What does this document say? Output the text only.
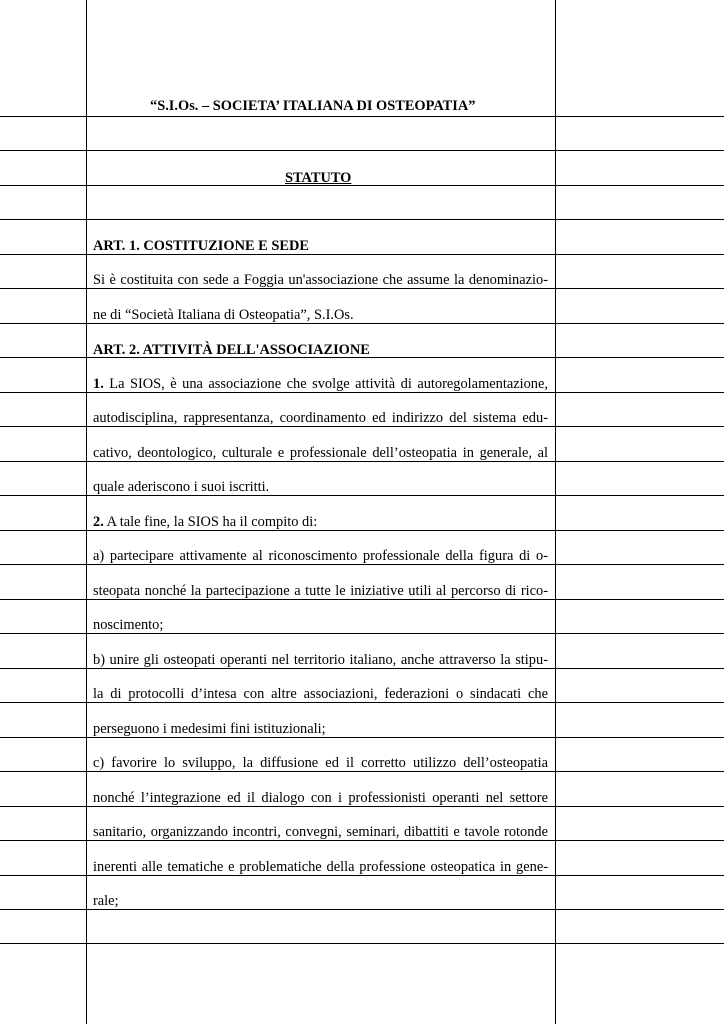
“S.I.Os. – SOCIETA’ ITALIANA DI OSTEOPATIA”
STATUTO
ART. 1. COSTITUZIONE E SEDE
Si è costituita con sede a Foggia un'associazione che assume la denominazio-
ne di “Società Italiana di Osteopatia”, S.I.Os.
ART. 2. ATTIVITÀ DELL'ASSOCIAZIONE
1. La SIOS, è una associazione che svolge attività di autoregolamentazione,
autodisciplina, rappresentanza, coordinamento ed indirizzo del sistema edu-
cativo, deontologico, culturale e professionale dell’osteopatia in generale, al
quale aderiscono i suoi iscritti.
2. A tale fine, la SIOS ha il compito di:
a) partecipare attivamente al riconoscimento professionale della figura di o-
steopata nonché la partecipazione a tutte le iniziative utili al percorso di rico-
noscimento;
b) unire gli osteopati operanti nel territorio italiano, anche attraverso la stipu-
la di protocolli d’intesa con altre associazioni, federazioni o sindacati che
perseguono i medesimi fini istituzionali;
c) favorire lo sviluppo, la diffusione ed il corretto utilizzo dell’osteopatia
nonché l’integrazione ed il dialogo con i professionisti operanti nel settore
sanitario, organizzando incontri, convegni, seminari, dibattiti e tavole rotonde
inerenti alle tematiche e problematiche della professione osteopatica in gene-
rale;
